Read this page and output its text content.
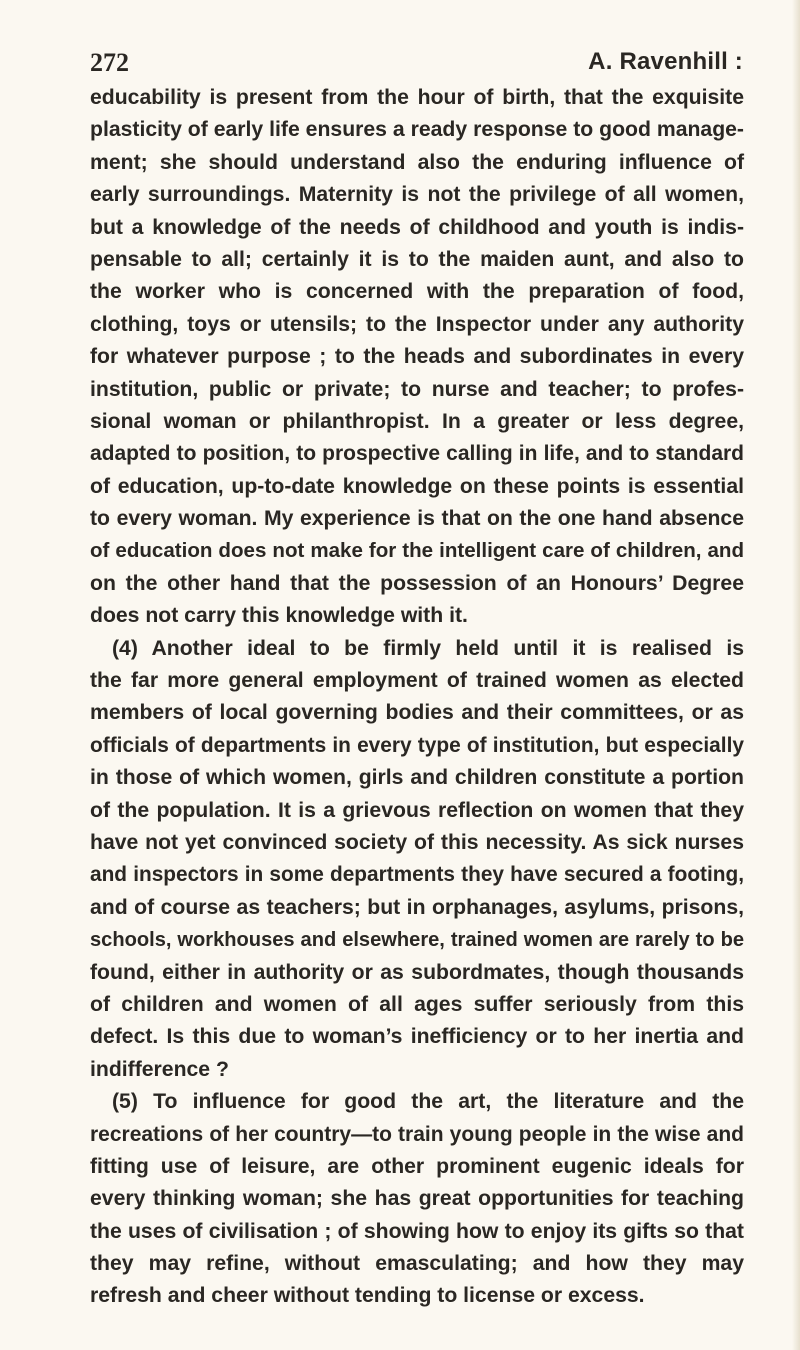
272	A. Ravenhill :
educability is present from the hour of birth, that the exquisite
plasticity of early life ensures a ready response to good manage-
ment; she should understand also the enduring influence of
early surroundings. Maternity is not the privilege of all women,
but a knowledge of the needs of childhood and youth is indis-
pensable to all; certainly it is to the maiden aunt, and also to
the worker who is concerned with the preparation of food,
clothing, toys or utensils; to the Inspector under any authority
for whatever purpose ; to the heads and subordinates in every
institution, public or private; to nurse and teacher; to profes-
sional woman or philanthropist. In a greater or less degree,
adapted to position, to prospective calling in life, and to standard
of education, up-to-date knowledge on these points is essential
to every woman. My experience is that on the one hand absence
of education does not make for the intelligent care of children, and
on the other hand that the possession of an Honours’ Degree
does not carry this knowledge with it.
(4) Another ideal to be firmly held until it is realised is
the far more general employment of trained women as elected
members of local governing bodies and their committees, or as
officials of departments in every type of institution, but especially
in those of which women, girls and children constitute a portion
of the population. It is a grievous reflection on women that they
have not yet convinced society of this necessity. As sick nurses
and inspectors in some departments they have secured a footing,
and of course as teachers; but in orphanages, asylums, prisons,
schools, workhouses and elsewhere, trained women are rarely to be
found, either in authority or as subordmates, though thousands
of children and women of all ages suffer seriously from this
defect. Is this due to woman’s inefficiency or to her inertia and
indifference ?
(5) To influence for good the art, the literature and the
recreations of her country—to train young people in the wise and
fitting use of leisure, are other prominent eugenic ideals for
every thinking woman; she has great opportunities for teaching
the uses of civilisation ; of showing how to enjoy its gifts so that
they may refine, without emasculating; and how they may
refresh and cheer without tending to license or excess.
